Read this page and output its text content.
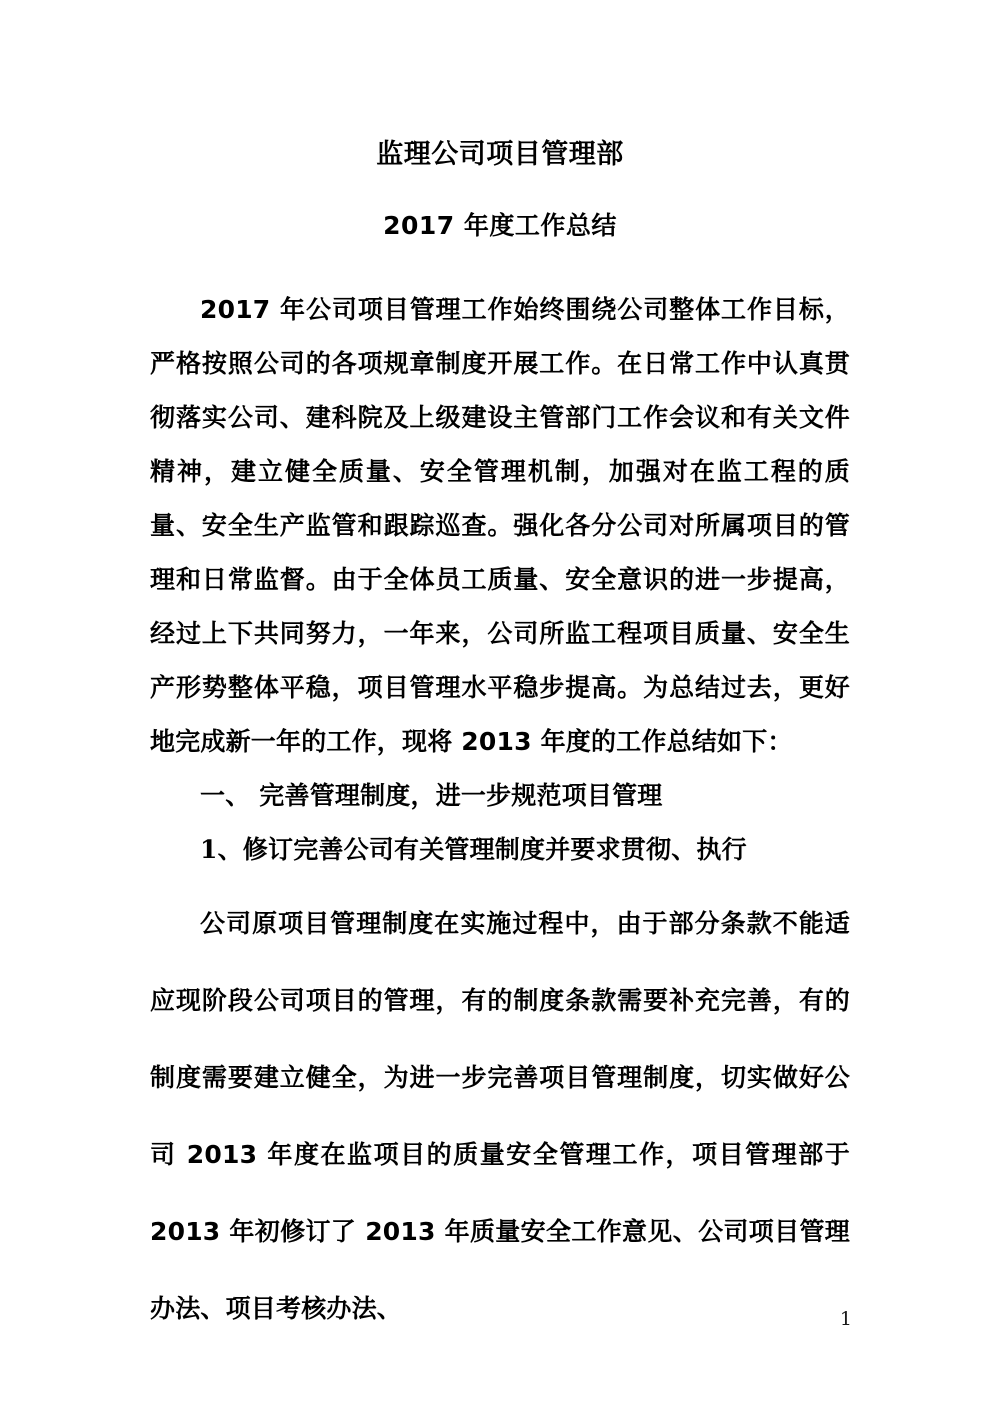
监理公司项目管理部
2017 年度工作总结

2017 年公司项目管理工作始终围绕公司整体工作目标，严格按照公司的各项规章制度开展工作。在日常工作中认真贯彻落实公司、建科院及上级建设主管部门工作会议和有关文件精神，建立健全质量、安全管理机制，加强对在监工程的质量、安全生产监管和跟踪巡查。强化各分公司对所属项目的管理和日常监督。由于全体员工质量、安全意识的进一步提高，经过上下共同努力，一年来，公司所监工程项目质量、安全生产形势整体平稳，项目管理水平稳步提高。为总结过去，更好地完成新一年的工作，现将 2013 年度的工作总结如下：

一、 完善管理制度，进一步规范项目管理

1、修订完善公司有关管理制度并要求贯彻、执行

公司原项目管理制度在实施过程中，由于部分条款不能适应现阶段公司项目的管理，有的制度条款需要补充完善，有的制度需要建立健全，为进一步完善项目管理制度，切实做好公司 2013 年度在监项目的质量安全管理工作，项目管理部于 2013 年初修订了 2013 年质量安全工作意见、公司项目管理办法、项目考核办法、	1
